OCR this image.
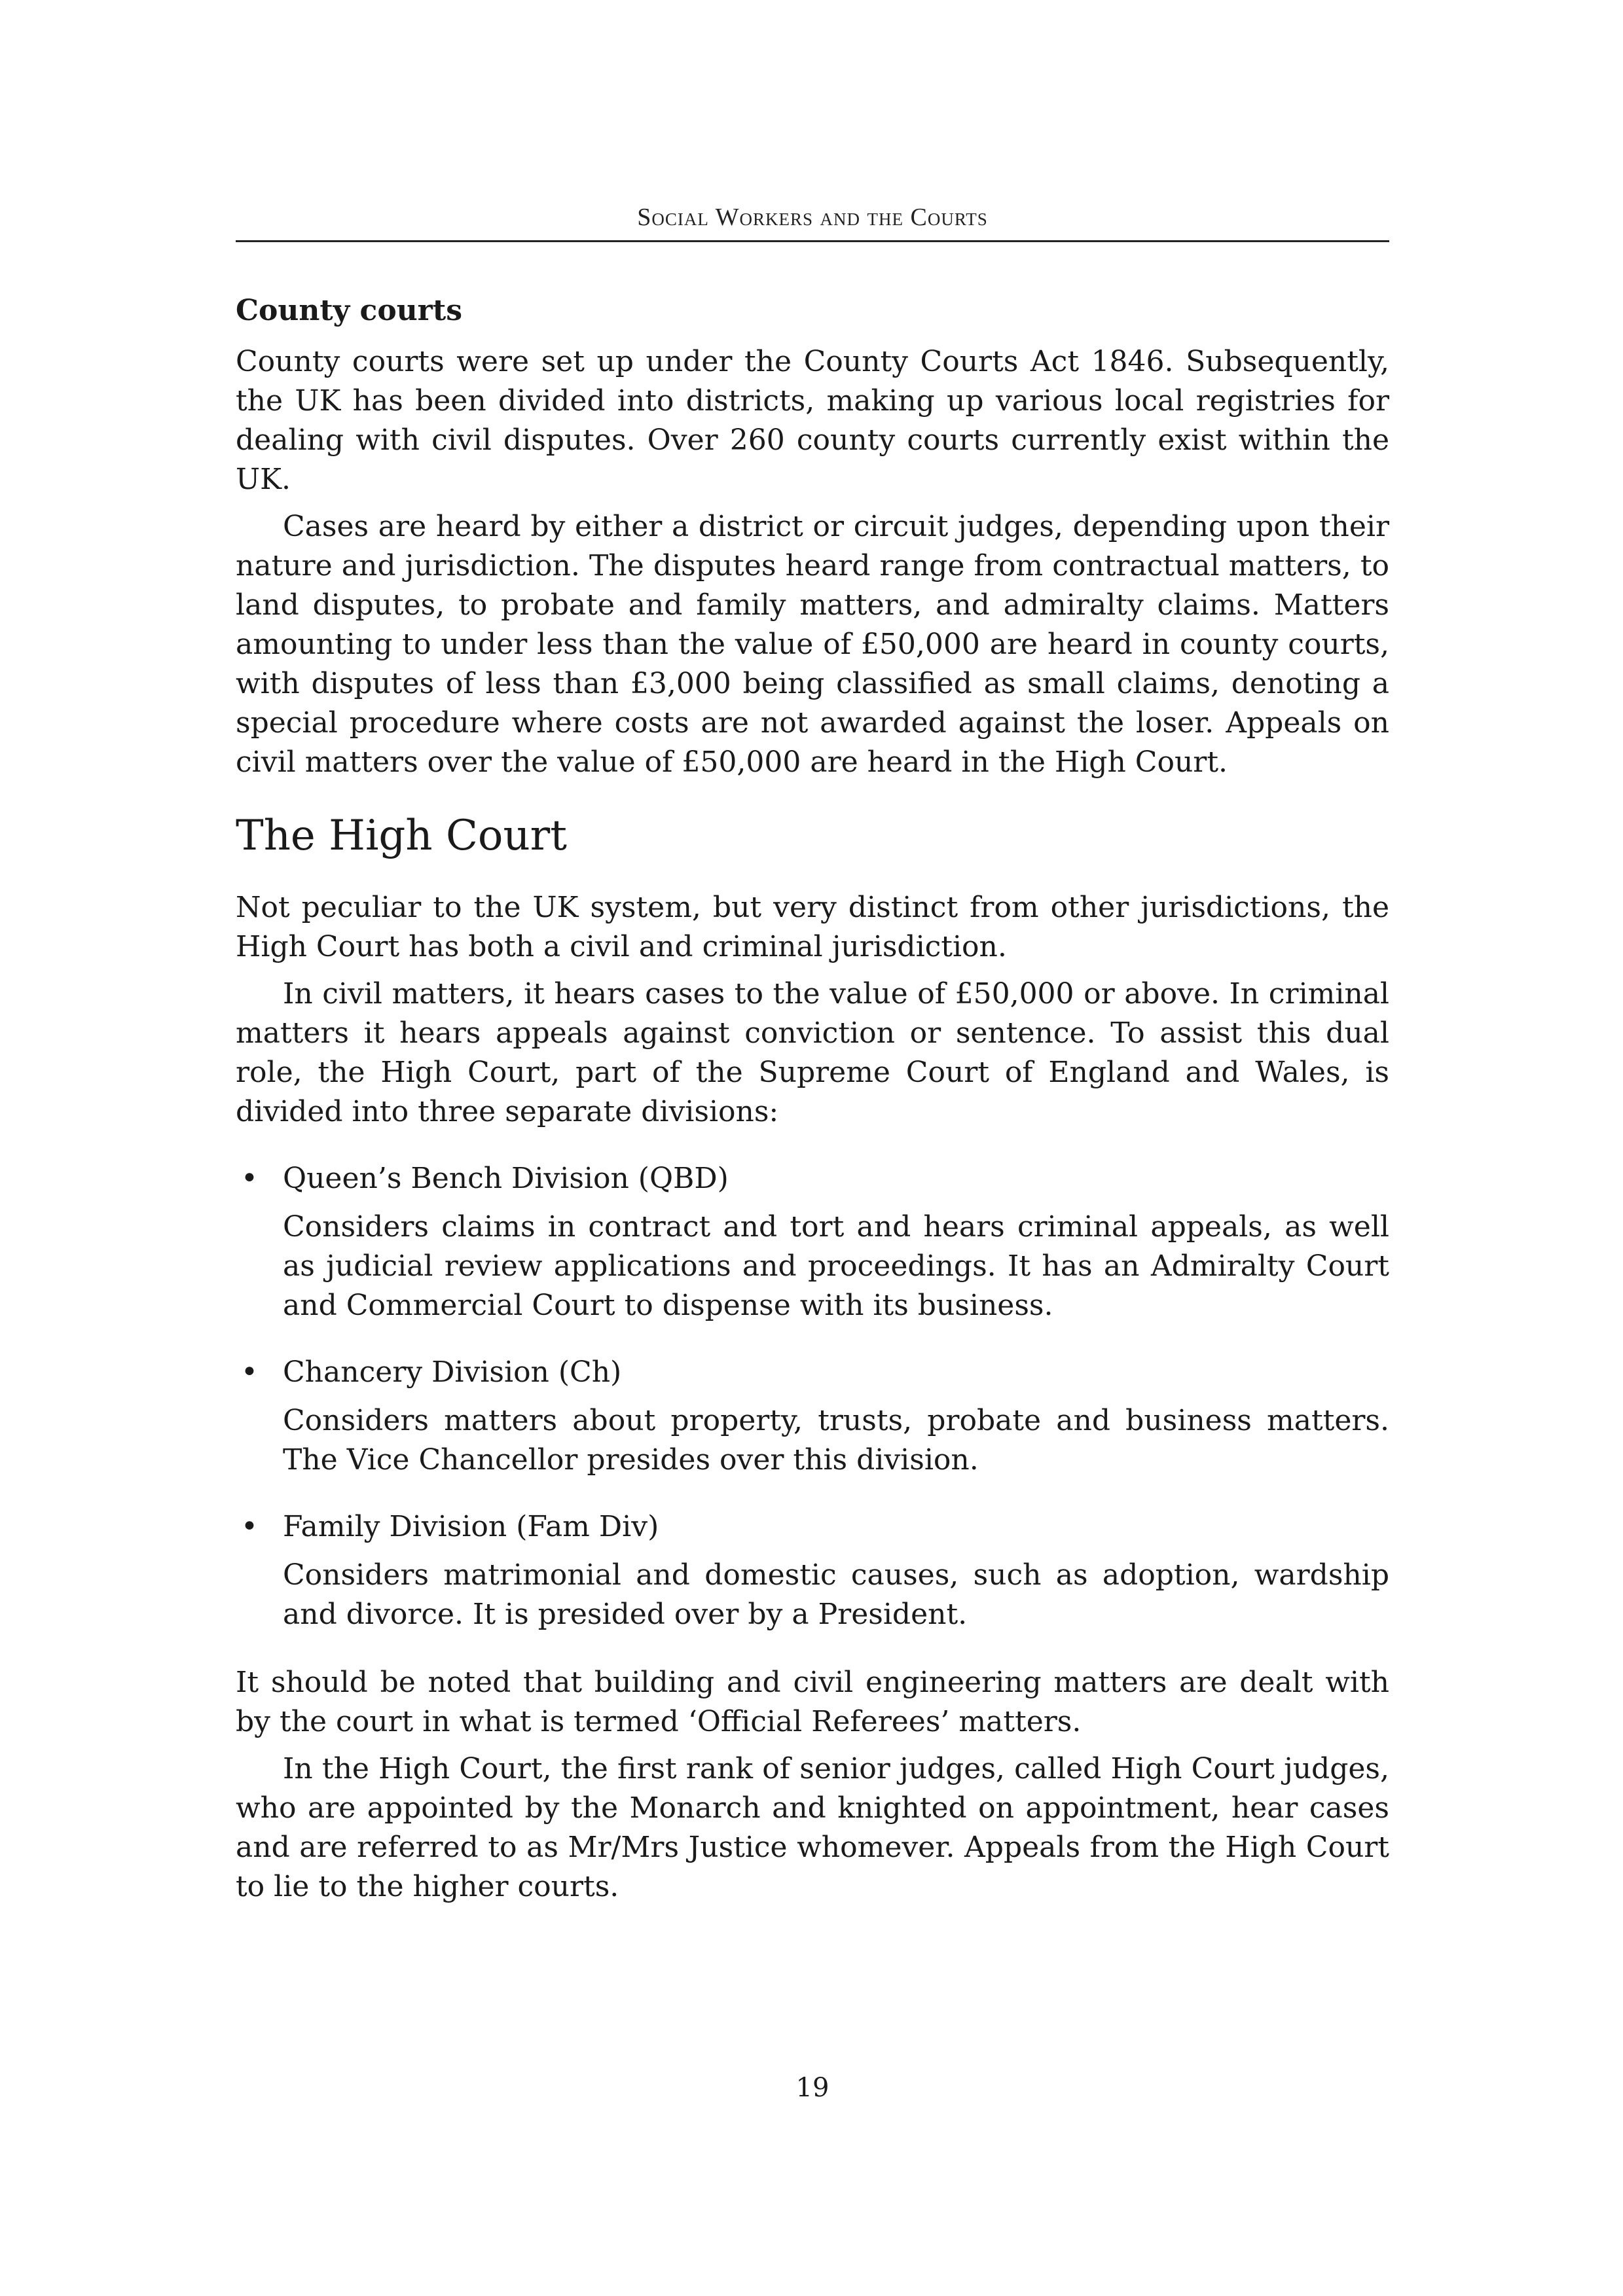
Social Workers and the Courts
County courts

County courts were set up under the County Courts Act 1846. Subsequently, the UK has been divided into districts, making up various local registries for dealing with civil disputes. Over 260 county courts currently exist within the UK.

Cases are heard by either a district or circuit judges, depending upon their nature and jurisdiction. The disputes heard range from contractual matters, to land disputes, to probate and family matters, and admiralty claims. Matters amounting to under less than the value of £50,000 are heard in county courts, with disputes of less than £3,000 being classified as small claims, denoting a special procedure where costs are not awarded against the loser. Appeals on civil matters over the value of £50,000 are heard in the High Court.

The High Court

Not peculiar to the UK system, but very distinct from other jurisdictions, the High Court has both a civil and criminal jurisdiction.

In civil matters, it hears cases to the value of £50,000 or above. In criminal matters it hears appeals against conviction or sentence. To assist this dual role, the High Court, part of the Supreme Court of England and Wales, is divided into three separate divisions:

• Queen’s Bench Division (QBD)
Considers claims in contract and tort and hears criminal appeals, as well as judicial review applications and proceedings. It has an Admiralty Court and Commercial Court to dispense with its business.
• Chancery Division (Ch)
Considers matters about property, trusts, probate and business matters. The Vice Chancellor presides over this division.
• Family Division (Fam Div)
Considers matrimonial and domestic causes, such as adoption, wardship and divorce. It is presided over by a President.

It should be noted that building and civil engineering matters are dealt with by the court in what is termed ‘Official Referees’ matters.

In the High Court, the first rank of senior judges, called High Court judges, who are appointed by the Monarch and knighted on appointment, hear cases and are referred to as Mr/Mrs Justice whomever. Appeals from the High Court to lie to the higher courts.

19
